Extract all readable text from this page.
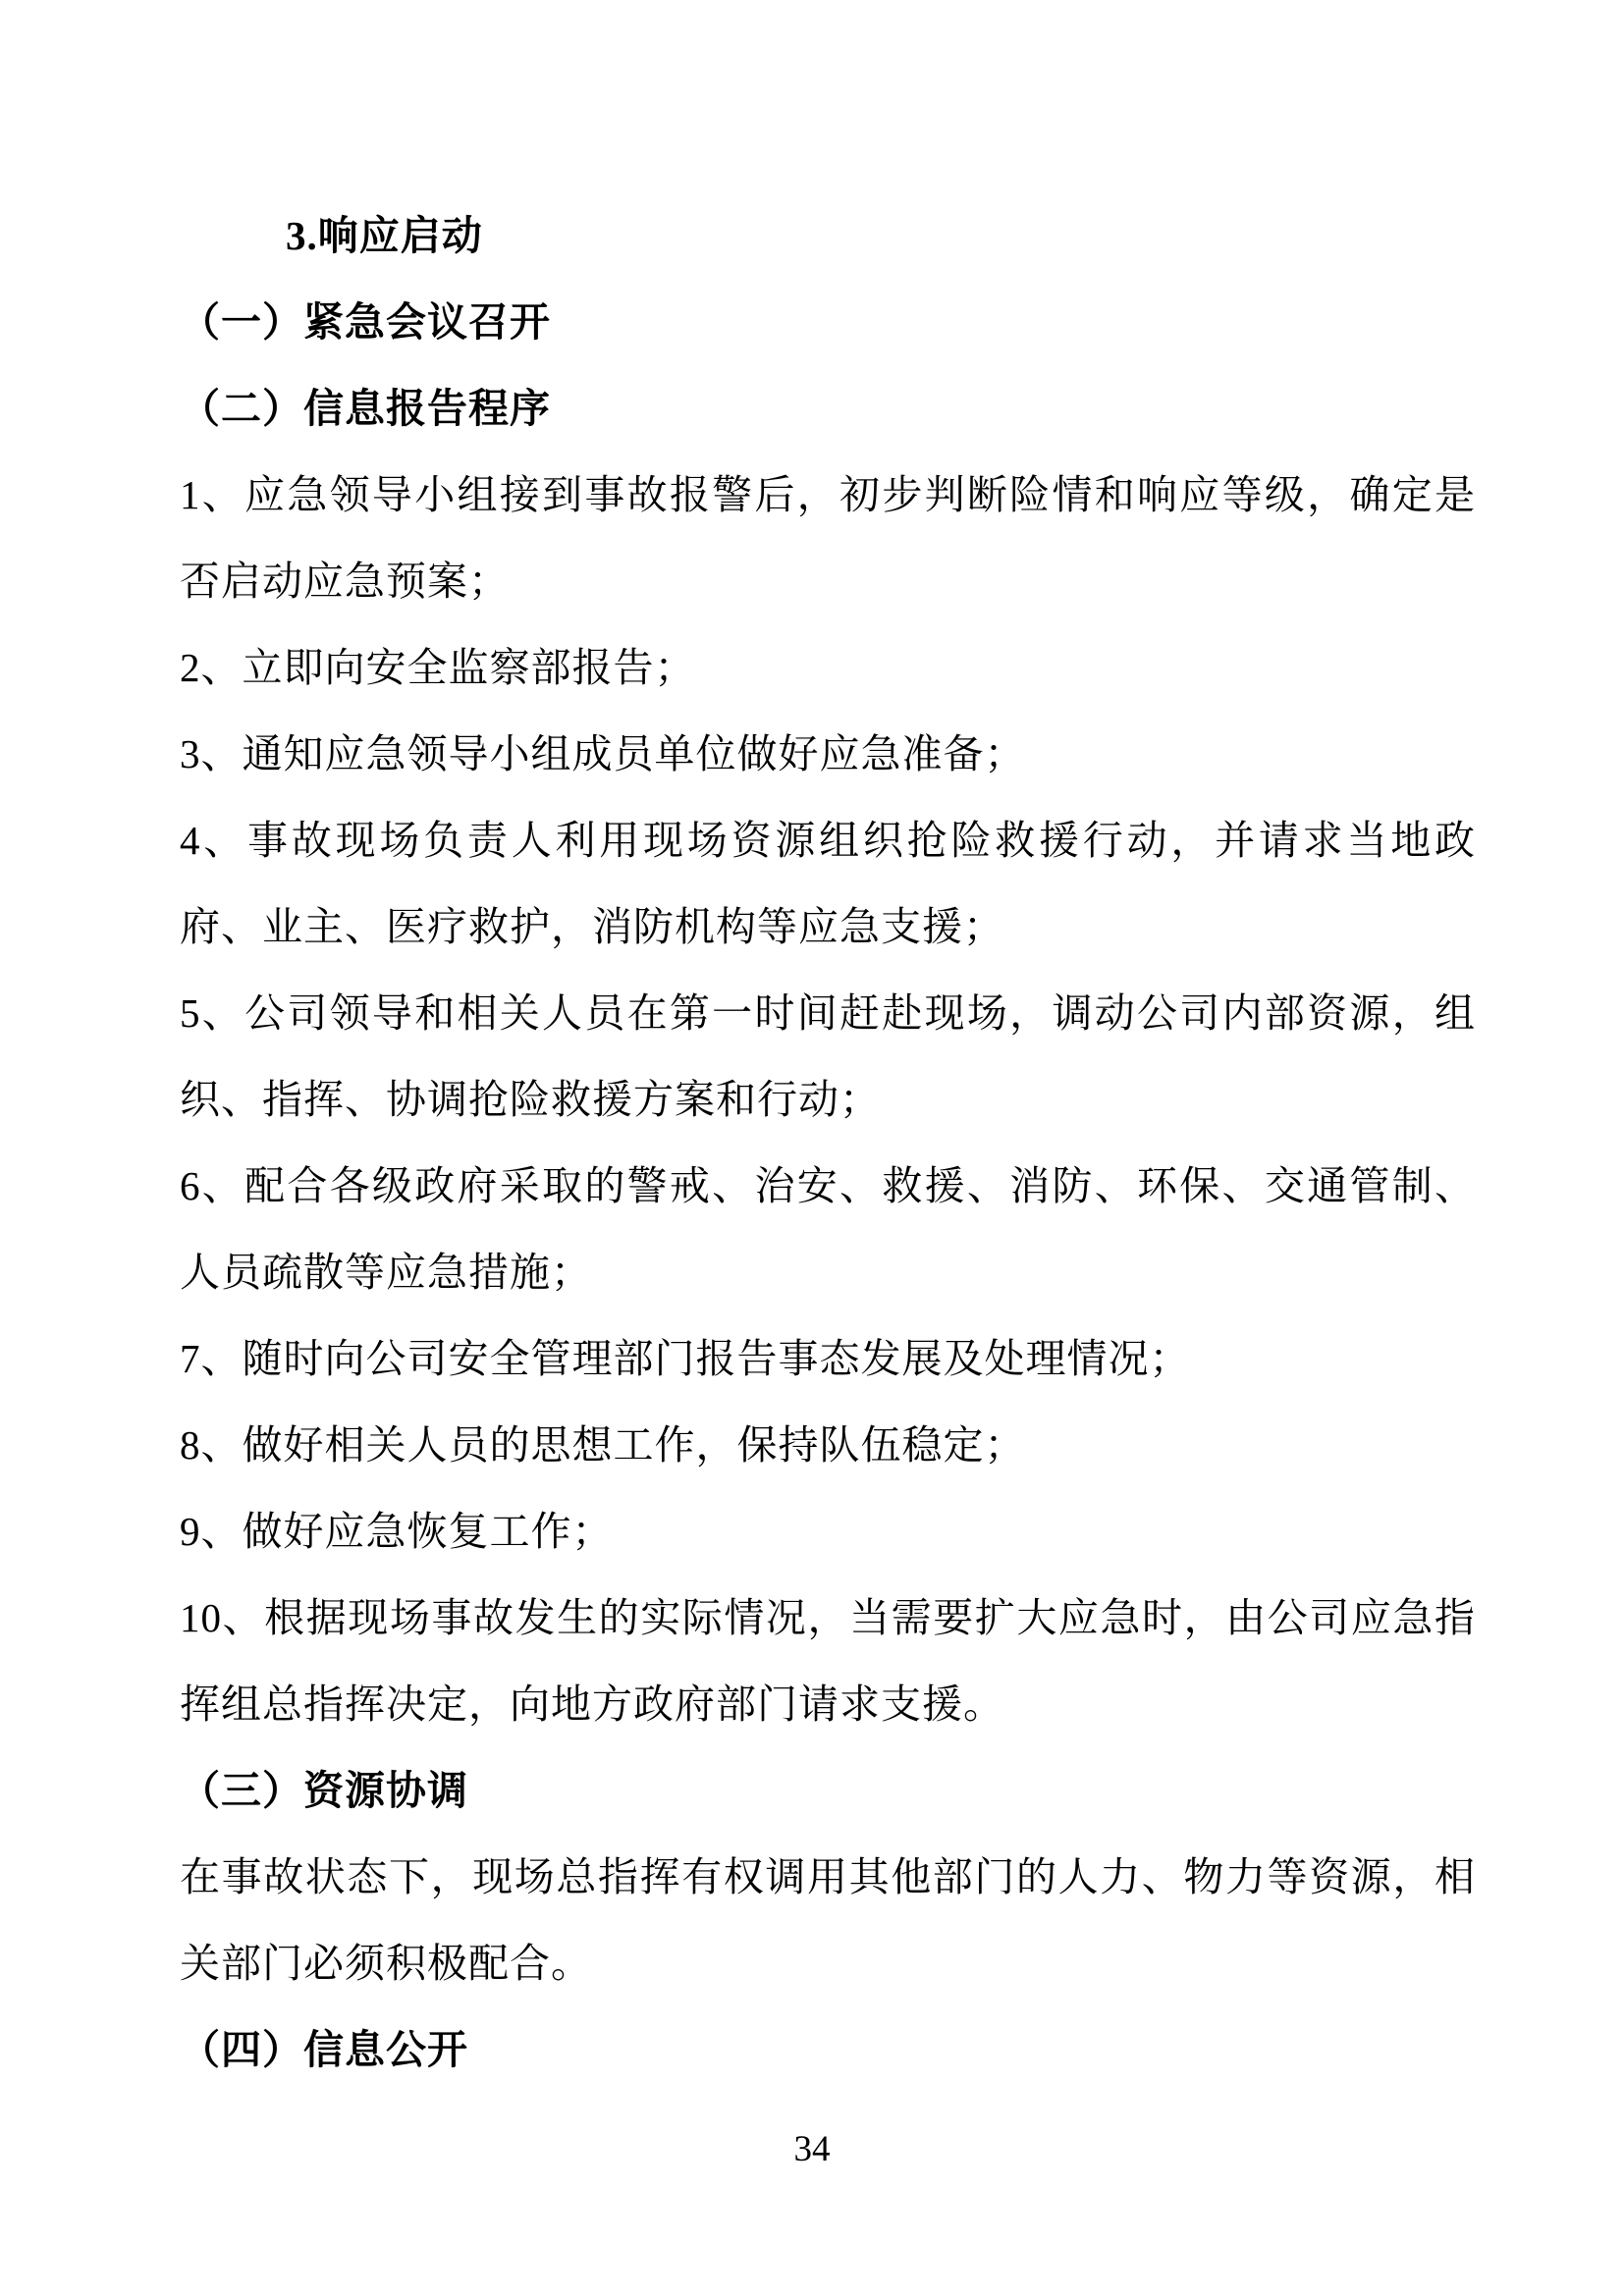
3.响应启动

（一）紧急会议召开

（二）信息报告程序

1、应急领导小组接到事故报警后，初步判断险情和响应等级，确定是否启动应急预案；

2、立即向安全监察部报告；

3、通知应急领导小组成员单位做好应急准备；

4、事故现场负责人利用现场资源组织抢险救援行动，并请求当地政府、业主、医疗救护，消防机构等应急支援；

5、公司领导和相关人员在第一时间赶赴现场，调动公司内部资源，组织、指挥、协调抢险救援方案和行动；

6、配合各级政府采取的警戒、治安、救援、消防、环保、交通管制、人员疏散等应急措施；

7、随时向公司安全管理部门报告事态发展及处理情况；

8、做好相关人员的思想工作，保持队伍稳定；

9、做好应急恢复工作；

10、根据现场事故发生的实际情况，当需要扩大应急时，由公司应急指挥组总指挥决定，向地方政府部门请求支援。

（三）资源协调

在事故状态下，现场总指挥有权调用其他部门的人力、物力等资源，相关部门必须积极配合。

（四）信息公开

34
